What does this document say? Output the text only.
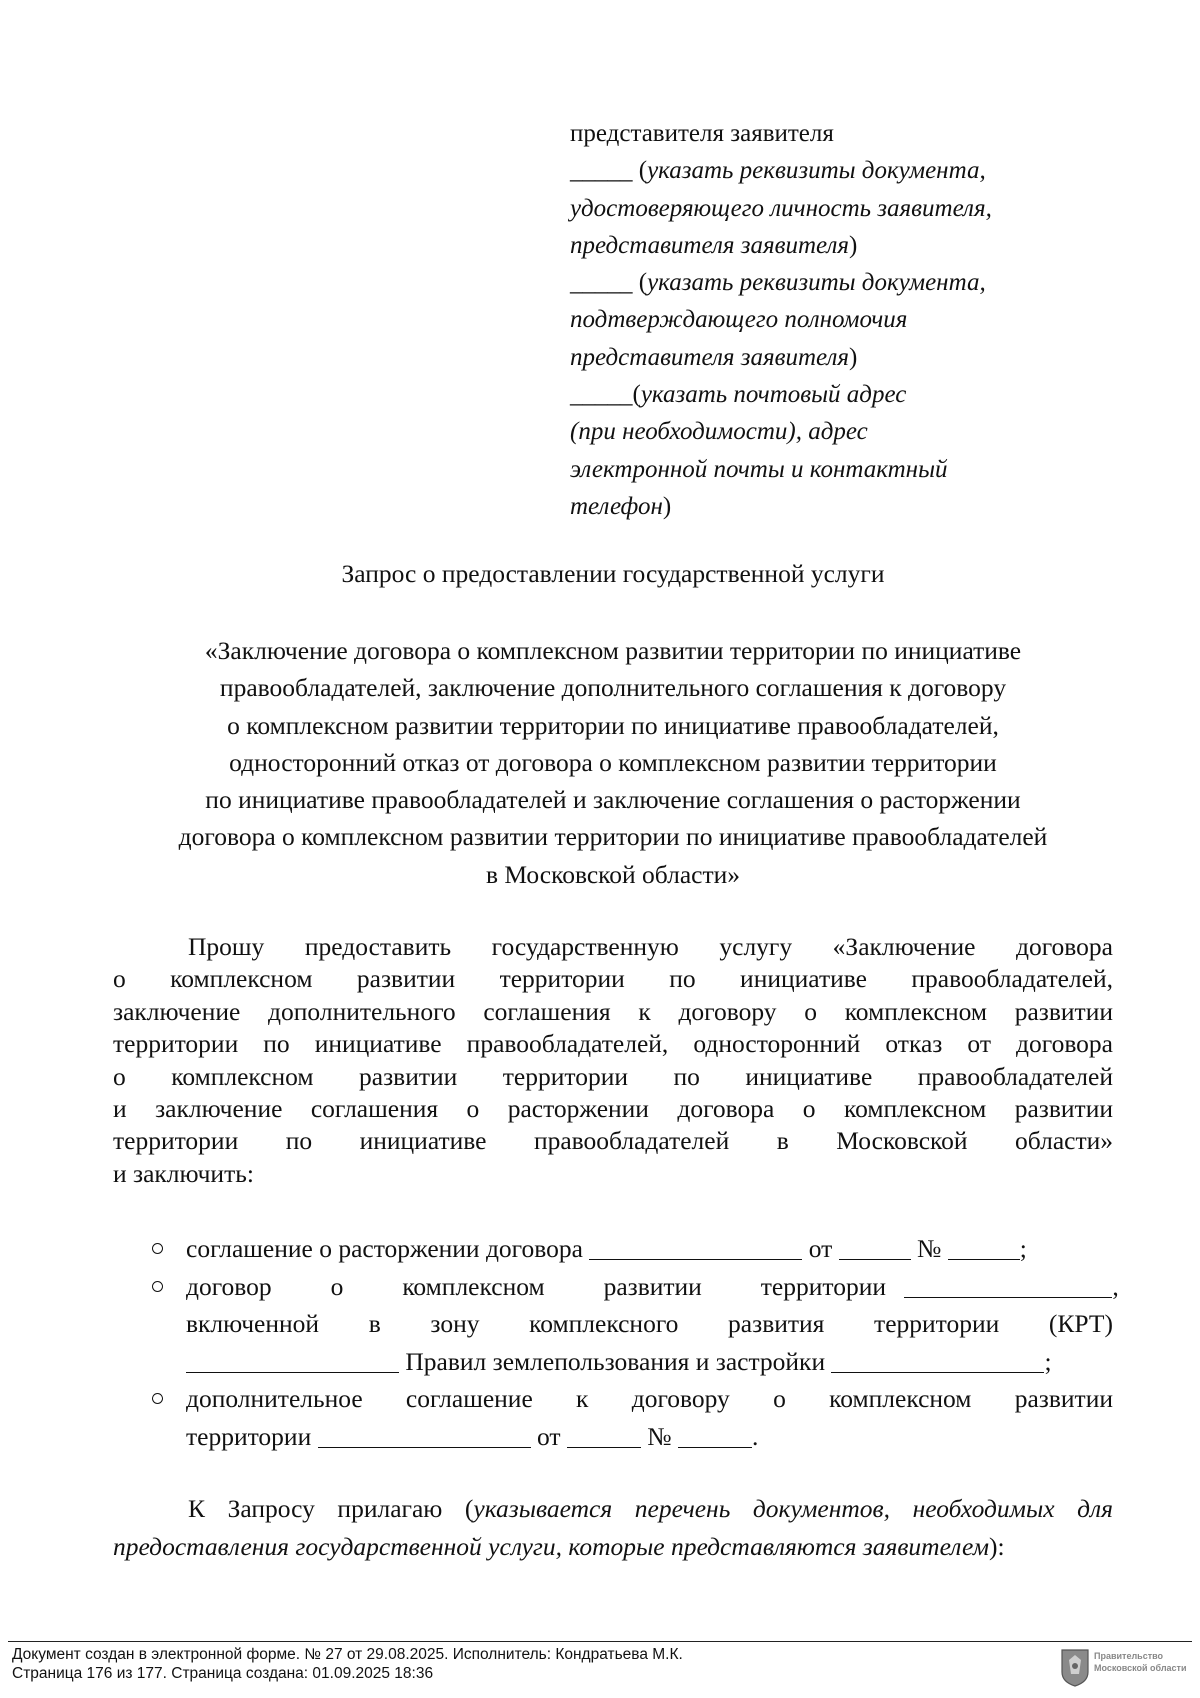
представителя заявителя
_____ (указать реквизиты документа,
удостоверяющего личность заявителя,
представителя заявителя)
_____ (указать реквизиты документа,
подтверждающего полномочия
представителя заявителя)
_____(указать почтовый адрес
(при необходимости), адрес
электронной почты и контактный
телефон)
Запрос о предоставлении государственной услуги
«Заключение договора о комплексном развитии территории по инициативе
правообладателей, заключение дополнительного соглашения к договору
о комплексном развитии территории по инициативе правообладателей,
односторонний отказ от договора о комплексном развитии территории
по инициативе правообладателей и заключение соглашения о расторжении
договора о комплексном развитии территории по инициативе правообладателей
в Московской области»
Прошу предоставить государственную услугу «Заключение договора
о комплексном развитии территории по инициативе правообладателей,
заключение дополнительного соглашения к договору о комплексном развитии
территории по инициативе правообладателей, односторонний отказ от договора
о комплексном развитии территории по инициативе правообладателей
и заключение соглашения о расторжении договора о комплексном развитии
территории по инициативе правообладателей в Московской области»
и заключить:
соглашение о расторжении договора	от	№	;
договор о комплексном развитии территории	,
включенной в зону комплексного развития территории (КРТ)
Правил землепользования и застройки	;
дополнительное соглашение к договору о комплексном развитии
территории	от	№	.
К Запросу прилагаю (указывается перечень документов, необходимых для предоставления государственной услуги, которые представляются заявителем):
Документ создан в электронной форме. № 27 от 29.08.2025. Исполнитель: Кондратьева М.К.
Страница 176 из 177. Страница создана: 01.09.2025 18:36
Правительство
Московской области
